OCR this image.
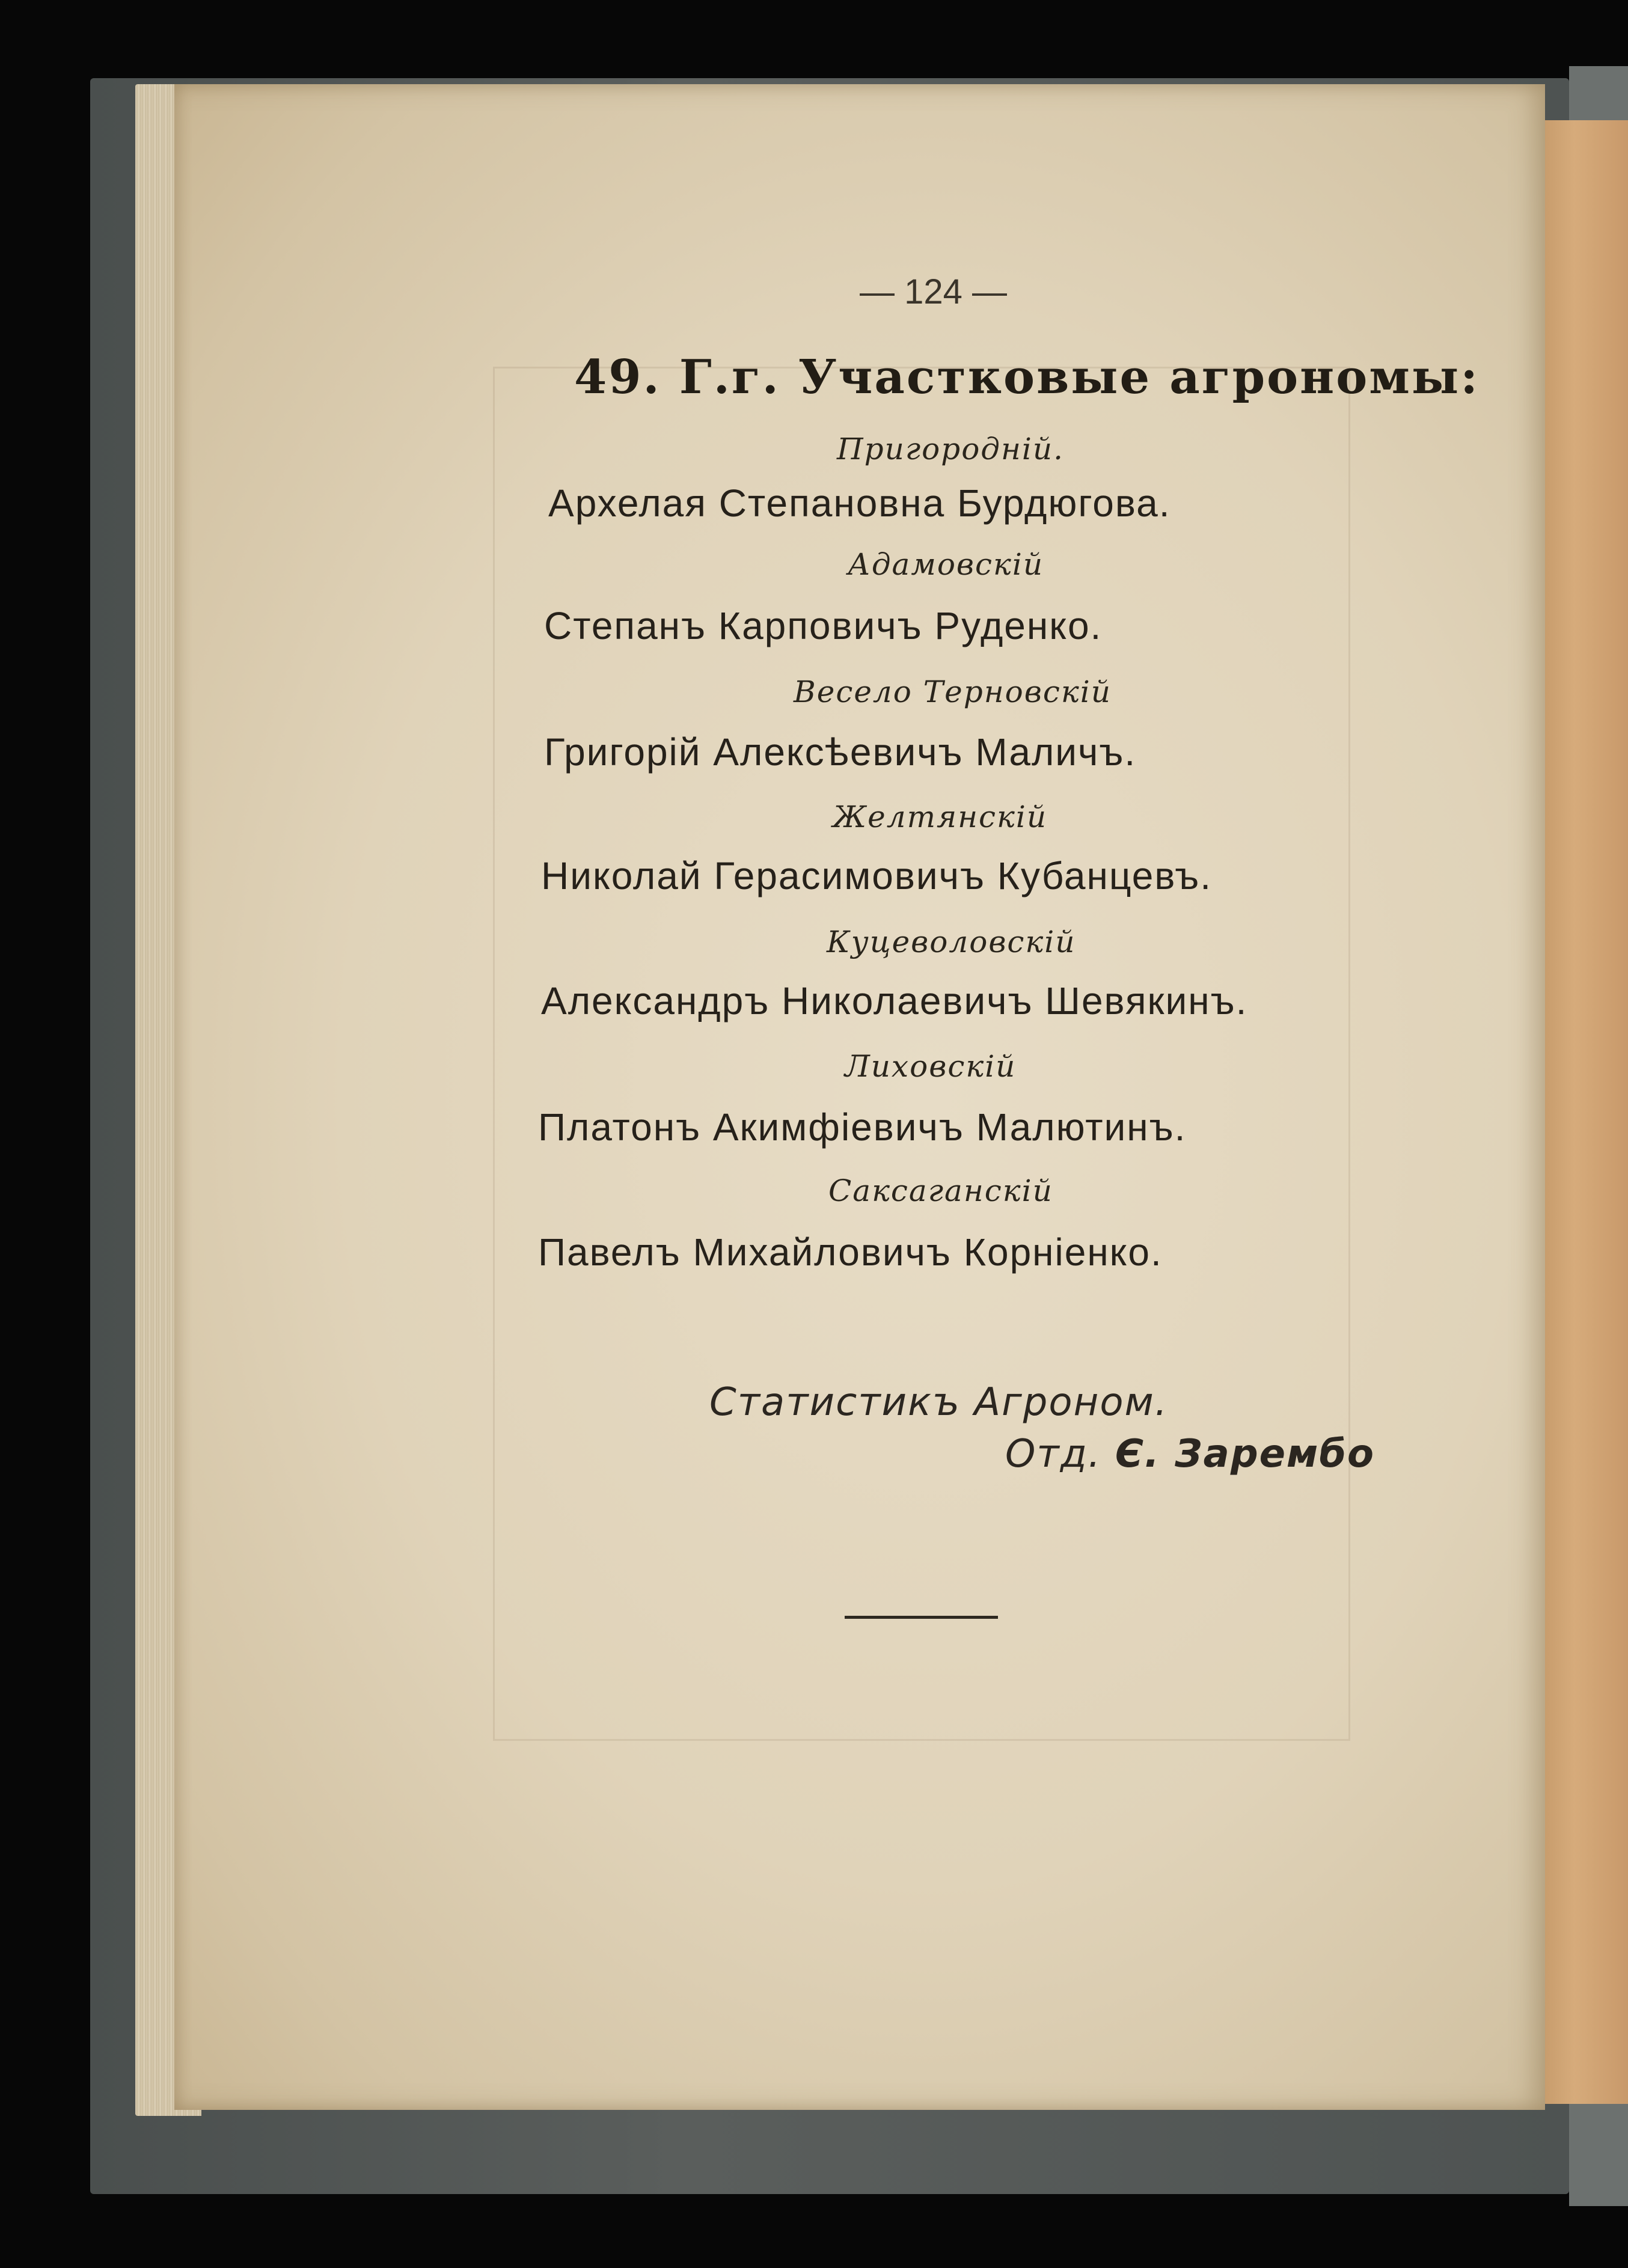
— 124 —
49. Г.г. Участковые агрономы:
Пригородній.
Архелая Степановна Бурдюгова.
Адамовскій
Степанъ Карповичъ Руденко.
Весело Терновскій
Григорій Алексѣевичъ Маличъ.
Желтянскій
Николай Герасимовичъ Кубанцевъ.
Куцеволовскій
Александръ Николаевичъ Шевякинъ.
Лиховскій
Платонъ Акимфіевичъ Малютинъ.
Саксаганскій
Павелъ Михайловичъ Корніенко.
Статистикъ Агроном.
Отд. Є. Зарембо
